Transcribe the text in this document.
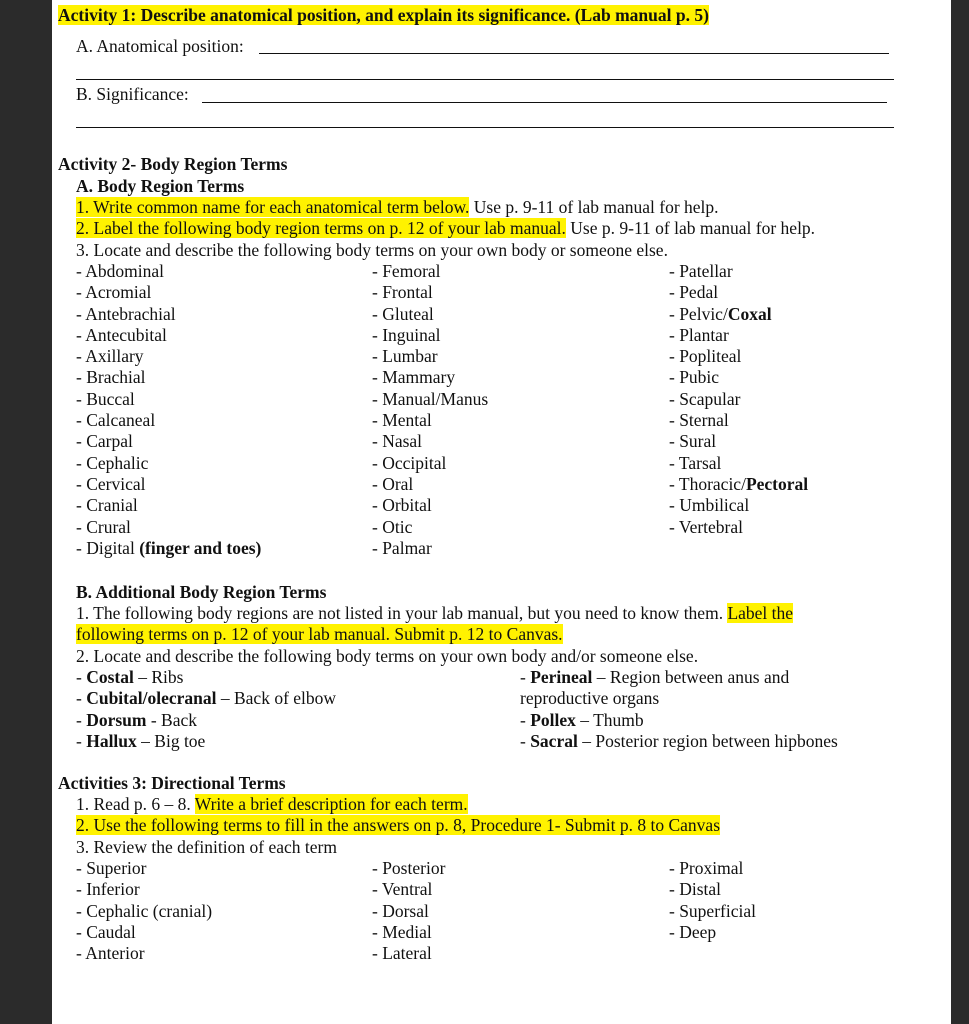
Activity 1: Describe anatomical position, and explain its significance. (Lab manual p. 5)
A. Anatomical position:
B. Significance:
Activity 2- Body Region Terms
A. Body Region Terms
1. Write common name for each anatomical term below. Use p. 9-11 of lab manual for help.
2. Label the following body region terms on p. 12 of your lab manual. Use p. 9-11 of lab manual for help.
3. Locate and describe the following body terms on your own body or someone else.
- Abdominal
- Acromial
- Antebrachial
- Antecubital
- Axillary
- Brachial
- Buccal
- Calcaneal
- Carpal
- Cephalic
- Cervical
- Cranial
- Crural
- Digital (finger and toes)
- Femoral
- Frontal
- Gluteal
- Inguinal
- Lumbar
- Mammary
- Manual/Manus
- Mental
- Nasal
- Occipital
- Oral
- Orbital
- Otic
- Palmar
- Patellar
- Pedal
- Pelvic/Coxal
- Plantar
- Popliteal
- Pubic
- Scapular
- Sternal
- Sural
- Tarsal
- Thoracic/Pectoral
- Umbilical
- Vertebral
B. Additional Body Region Terms
1. The following body regions are not listed in your lab manual, but you need to know them. Label the
following terms on p. 12 of your lab manual. Submit p. 12 to Canvas.
2. Locate and describe the following body terms on your own body and/or someone else.
- Costal – Ribs
- Cubital/olecranal – Back of elbow
- Dorsum - Back
- Hallux – Big toe
- Perineal – Region between anus and
reproductive organs
- Pollex – Thumb
- Sacral – Posterior region between hipbones
Activities 3: Directional Terms
1. Read p. 6 – 8. Write a brief description for each term.
2. Use the following terms to fill in the answers on p. 8, Procedure 1- Submit p. 8 to Canvas
3. Review the definition of each term
- Superior
- Inferior
- Cephalic (cranial)
- Caudal
- Anterior
- Posterior
- Ventral
- Dorsal
- Medial
- Lateral
- Proximal
- Distal
- Superficial
- Deep
